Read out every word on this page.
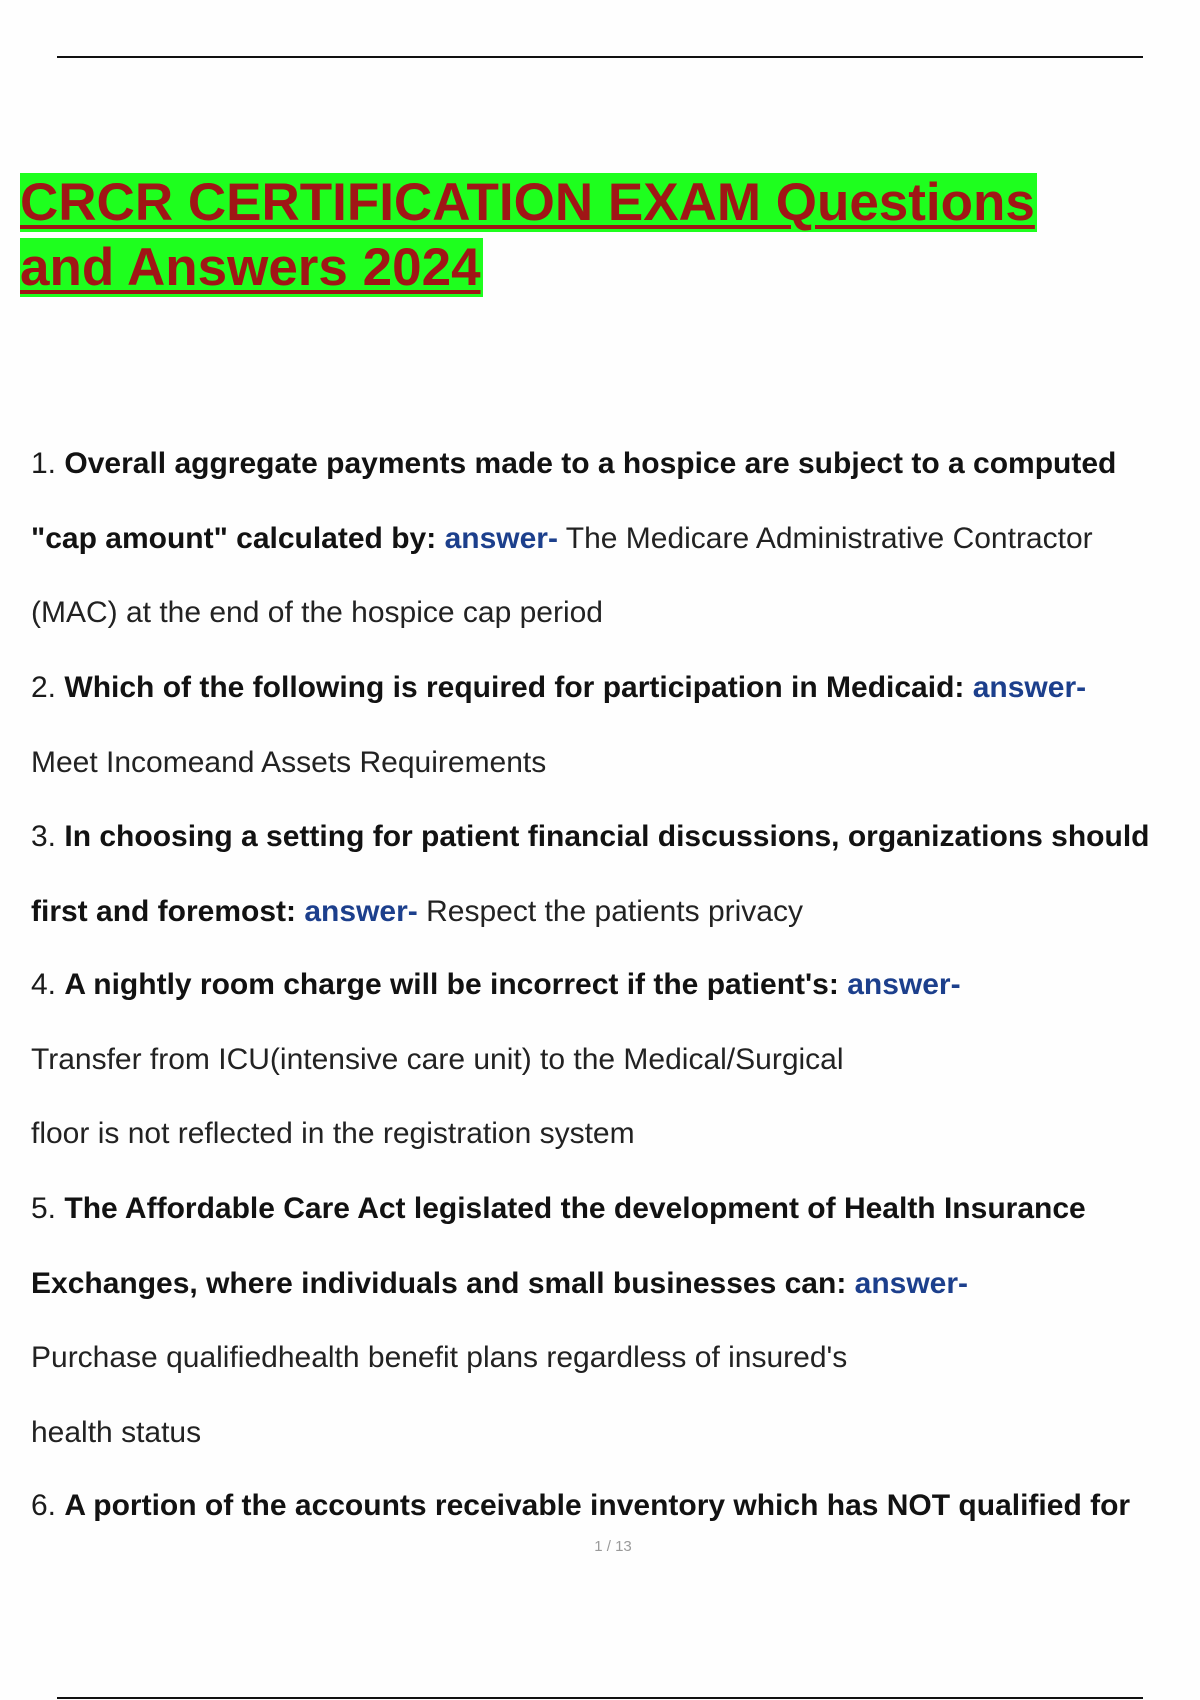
CRCR CERTIFICATION EXAM Questions
and Answers 2024
1. Overall aggregate payments made to a hospice are subject to a computed
"cap amount" calculated by: answer- The Medicare Administrative Contractor
(MAC) at the end of the hospice cap period
2. Which of the following is required for participation in Medicaid: answer-
Meet Incomeand Assets Requirements
3. In choosing a setting for patient financial discussions, organizations should
first and foremost: answer- Respect the patients privacy
4. A nightly room charge will be incorrect if the patient's: answer-
Transfer from ICU(intensive care unit) to the Medical/Surgical
floor is not reflected in the registration system
5. The Affordable Care Act legislated the development of Health Insurance
Exchanges, where individuals and small businesses can: answer-
Purchase qualifiedhealth benefit plans regardless of insured's
health status
6. A portion of the accounts receivable inventory which has NOT qualified for
1 / 13
